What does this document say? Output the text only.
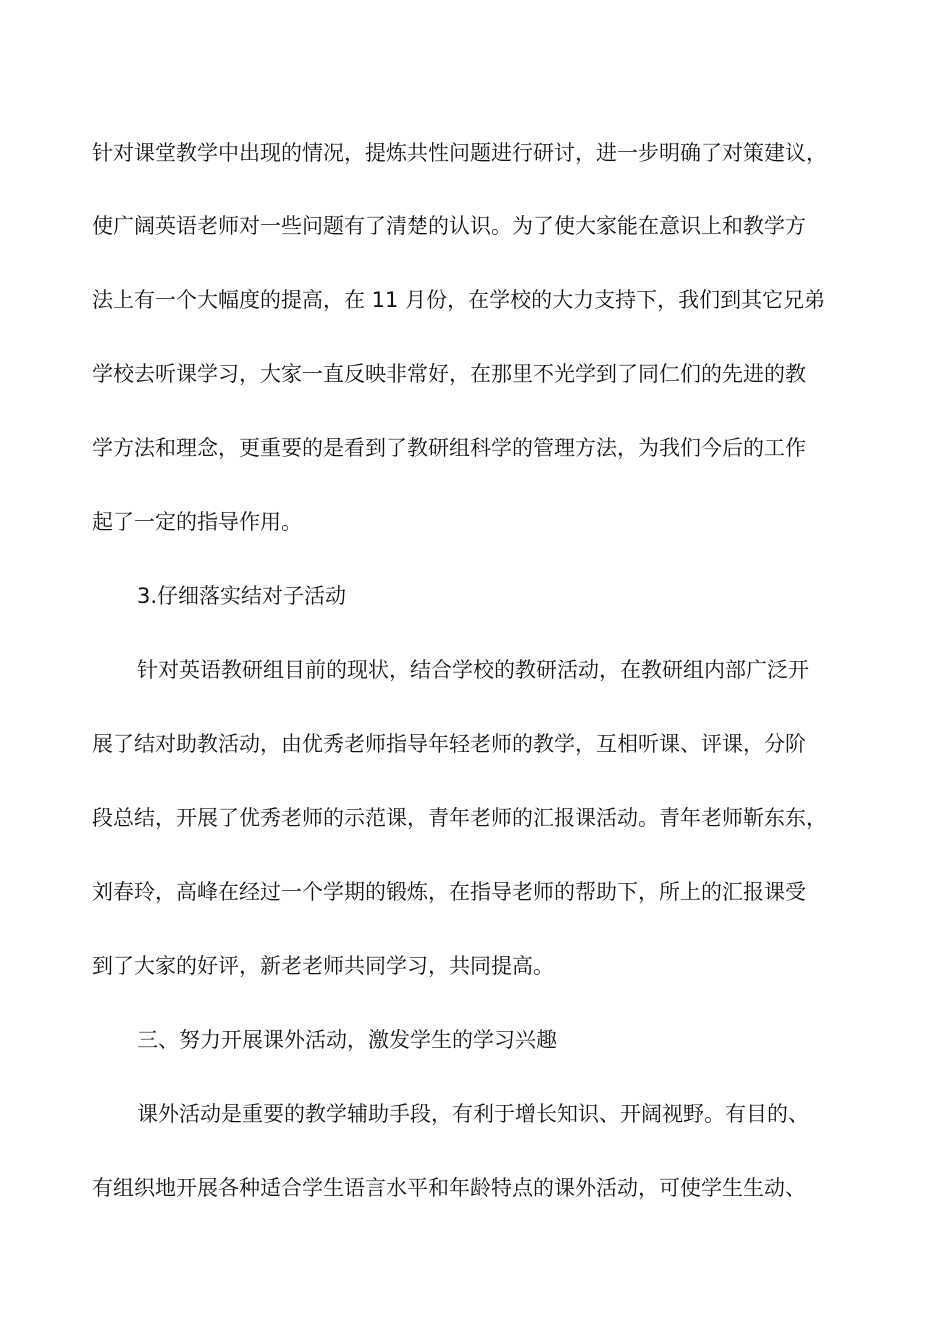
针对课堂教学中出现的情况，提炼共性问题进行研讨，进一步明确了对策建议，
使广阔英语老师对一些问题有了清楚的认识。为了使大家能在意识上和教学方
法上有一个大幅度的提高，在 11 月份，在学校的大力支持下，我们到其它兄弟
学校去听课学习，大家一直反映非常好，在那里不光学到了同仁们的先进的教
学方法和理念，更重要的是看到了教研组科学的管理方法，为我们今后的工作
起了一定的指导作用。
3.仔细落实结对子活动
针对英语教研组目前的现状，结合学校的教研活动，在教研组内部广泛开
展了结对助教活动，由优秀老师指导年轻老师的教学，互相听课、评课，分阶
段总结，开展了优秀老师的示范课，青年老师的汇报课活动。青年老师靳东东，
刘春玲，高峰在经过一个学期的锻炼，在指导老师的帮助下，所上的汇报课受
到了大家的好评，新老老师共同学习，共同提高。
三、努力开展课外活动，激发学生的学习兴趣
课外活动是重要的教学辅助手段，有利于增长知识、开阔视野。有目的、
有组织地开展各种适合学生语言水平和年龄特点的课外活动，可使学生生动、
